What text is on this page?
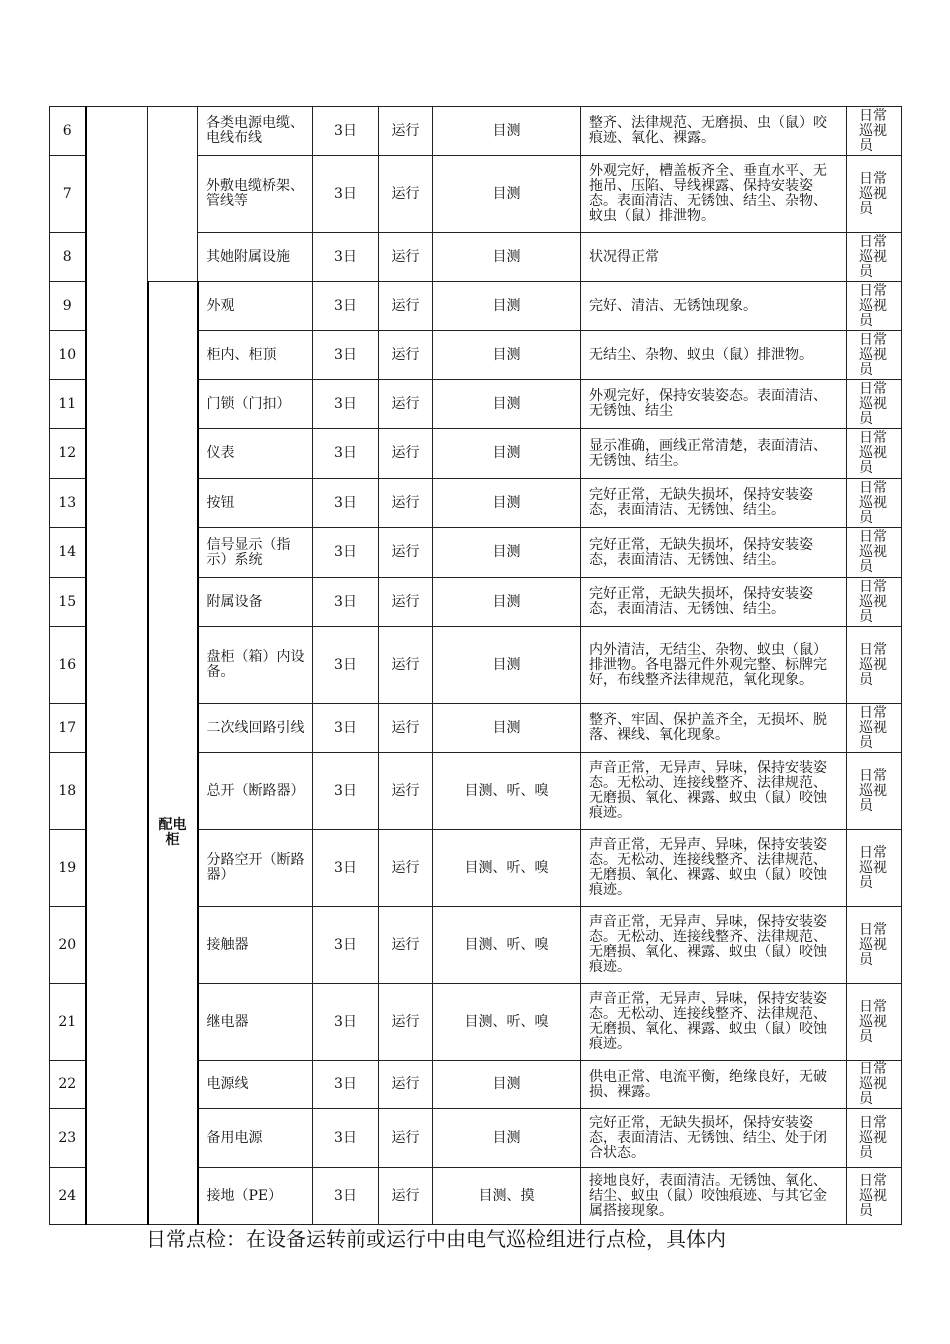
6			各类电源电缆、电线布线	3日	运行	目测	整齐、法律规范、无磨损、虫（鼠）咬痕迹、氧化、裸露。	日常巡视员
7			外敷电缆桥架、管线等	3日	运行	目测	外观完好，槽盖板齐全、垂直水平、无拖吊、压陷、导线裸露、保持安装姿态。表面清洁、无锈蚀、结尘、杂物、蚊虫（鼠）排泄物。	日常巡视员
8			其她附属设施	3日	运行	目测	状况得正常	日常巡视员
9		配电柜	外观	3日	运行	目测	完好、清洁、无锈蚀现象。	日常巡视员
10			柜内、柜顶	3日	运行	目测	无结尘、杂物、蚁虫（鼠）排泄物。	日常巡视员
11			门锁（门扣）	3日	运行	目测	外观完好，保持安装姿态。表面清洁、无锈蚀、结尘	日常巡视员
12			仪表	3日	运行	目测	显示准确，画线正常清楚，表面清洁、无锈蚀、结尘。	日常巡视员
13			按钮	3日	运行	目测	完好正常，无缺失损坏，保持安装姿态，表面清洁、无锈蚀、结尘。	日常巡视员
14			信号显示（指示）系统	3日	运行	目测	完好正常，无缺失损坏，保持安装姿态，表面清洁、无锈蚀、结尘。	日常巡视员
15			附属设备	3日	运行	目测	完好正常，无缺失损坏，保持安装姿态，表面清洁、无锈蚀、结尘。	日常巡视员
16			盘柜（箱）内设备。	3日	运行	目测	内外清洁，无结尘、杂物、蚁虫（鼠）排泄物。各电器元件外观完整、标牌完好，布线整齐法律规范，氧化现象。	日常巡视员
17			二次线回路引线	3日	运行	目测	整齐、牢固、保护盖齐全，无损坏、脱落、裸线、氧化现象。	日常巡视员
18			总开（断路器）	3日	运行	目测、听、嗅	声音正常，无异声、异味，保持安装姿态。无松动、连接线整齐、法律规范、无磨损、氧化、裸露、蚁虫（鼠）咬蚀痕迹。	日常巡视员
19			分路空开（断路器）	3日	运行	目测、听、嗅	声音正常，无异声、异味，保持安装姿态。无松动、连接线整齐、法律规范、无磨损、氧化、裸露、蚁虫（鼠）咬蚀痕迹。	日常巡视员
20			接触器	3日	运行	目测、听、嗅	声音正常，无异声、异味，保持安装姿态。无松动、连接线整齐、法律规范、无磨损、氧化、裸露、蚁虫（鼠）咬蚀痕迹。	日常巡视员
21			继电器	3日	运行	目测、听、嗅	声音正常，无异声、异味，保持安装姿态。无松动、连接线整齐、法律规范、无磨损、氧化、裸露、蚁虫（鼠）咬蚀痕迹。	日常巡视员
22			电源线	3日	运行	目测	供电正常、电流平衡，绝缘良好，无破损、裸露。	日常巡视员
23			备用电源	3日	运行	目测	完好正常，无缺失损坏，保持安装姿态，表面清洁、无锈蚀、结尘、处于闭合状态。	日常巡视员
24			接地（PE）	3日	运行	目测、摸	接地良好，表面清洁。无锈蚀、氧化、结尘、蚁虫（鼠）咬蚀痕迹、与其它金属搭接现象。	日常巡视员
日常点检：在设备运转前或运行中由电气巡检组进行点检，具体内
